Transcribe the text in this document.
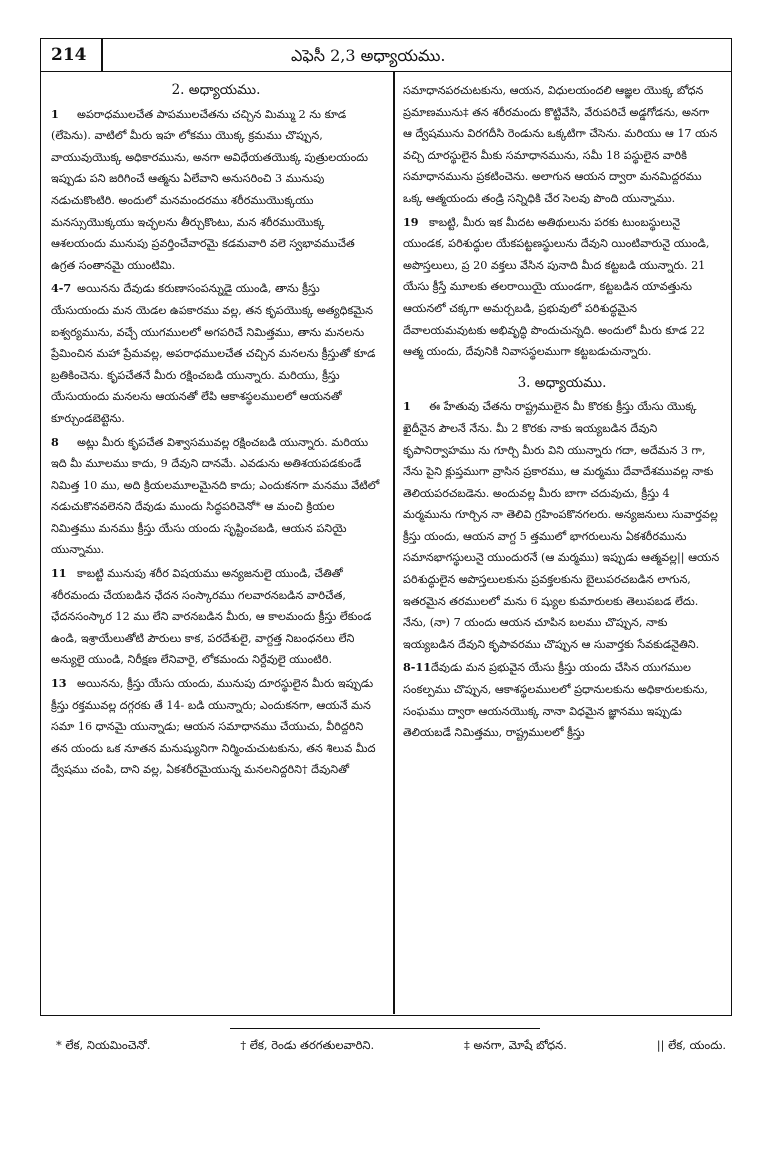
214	ఎఫెసీ 2,3 అధ్యాయము.
2. అధ్యాయము.
1 అపరాధములచేత పాపములచేతను చచ్చిన మిమ్ము 2 ను కూడ (లేపెను). వాటిలో మీరు ఇహ లోకము యొక్క క్రమము చొప్పున, వాయువుయొక్క అధికారమును, అనగా అవిధేయతయొక్క పుత్రులయందు ఇప్పుడు పని జరిగించే ఆత్మను ఏలేవాని అనుసరించి 3 మునుపు నడుచుకొంటిరి. అందులో మనమందరము శరీరముయొక్కయు మనస్సుయొక్కయు ఇచ్ఛలను తీర్చుకొంటు, మన శరీరముయొక్క ఆశలయందు మునుపు ప్రవర్తించేవారమై కడమవారి వలె స్వభావముచేత ఉగ్రత సంతానమై యుంటిమి.
4-7 అయినను దేవుడు కరుణాసంపన్నుడై యుండి, తాను క్రీస్తు యేసుయందు మన యెడల ఉపకారము వల్ల, తన కృపయొక్క అత్యధికమైన ఐశ్వర్యమును, వచ్చే యుగములలో అగపరిచే నిమిత్తము, తాను మనలను ప్రేమించిన మహా ప్రేమవల్ల, అపరాధములచేత చచ్చిన మనలను క్రీస్తుతో కూడ బ్రతికించెను. కృపచేతనే మీరు రక్షించబడి యున్నారు. మరియు, క్రీస్తు యేసుయందు మనలను ఆయనతో లేపి ఆకాశస్థలములలో ఆయనతో కూర్చుండబెట్టెను.
8 అట్లు మీరు కృపచేత విశ్వాసమువల్ల రక్షించబడి యున్నారు. మరియు ఇది మీ మూలము కాదు, 9 దేవుని దానమే. ఎవడును అతిశయపడకుండే నిమిత్త 10 ము, అది క్రియలమూలమైనది కాదు; ఎందుకనగా మనము వేటిలో నడుచుకొనవలెనని దేవుడు ముందు సిద్ధపరిచెనో* ఆ మంచి క్రియల నిమిత్తము మనము క్రీస్తు యేసు యందు సృష్టించబడి, ఆయన పనియై యున్నాము.
11 కాబట్టి మునుపు శరీర విషయము అన్యజనులై యుండి, చేతితో శరీరమందు చేయబడిన ఛేదన సంస్కారము గలవారనబడిన వారిచేత, ఛేదనసంస్కార 12 ము లేని వారనబడిన మీరు, ఆ కాలమందు క్రీస్తు లేకుండ ఉండి, ఇశ్రాయేలుతోటి పౌరులు కాక, పరదేశులై, వాగ్దత్త నిబంధనలు లేని అన్యులై యుండి, నిరీక్షణ లేనివారై, లోకమందు నిర్దేవులై యుంటిరి.
13 అయినను, క్రీస్తు యేసు యందు, మునుపు దూరస్థులైన మీరు ఇప్పుడు క్రీస్తు రక్తమువల్ల దగ్గరకు తే 14- బడి యున్నారు; ఎందుకనగా, ఆయనే మన సమా 16 ధానమై యున్నాడు; ఆయన సమాధానము చేయుచు, వీరిద్దరిని తన యందు ఒక నూతన మనుష్యునిగా నిర్మించుచుటకును, తన శిలువ మీద ద్వేషము చంపి, దాని వల్ల, ఏకశరీరమైయున్న మనలనిద్దరిని† దేవునితో
సమాధానపరచుటకును, ఆయన, విధులయందలి ఆజ్ఞల యొక్క బోధన ప్రమాణమును‡ తన శరీరమందు కొట్టివేసి, వేరుపరిచే అడ్డగోడను, అనగా ఆ ద్వేషమును విరగదీసి రెండును ఒక్కటిగా చేసెను. మరియు ఆ 17 యన వచ్చి దూరస్థులైన మీకు సమాధానమును, సమీ 18 పస్థులైన వారికి సమాధానమును ప్రకటించెను. అలాగున ఆయన ద్వారా మనమిద్దరము ఒక్క ఆత్మయందు తండ్రి సన్నిధికి చేర సెలవు పొంది యున్నాము.
19 కాబట్టి, మీరు ఇక మీదట అతిథులును పరకు టుంబస్థులునై యుండక, పరిశుద్ధుల యేకపట్టణస్థులును దేవుని యింటివారునై యుండి, అపొస్తలులు, ప్ర 20 వక్తలు వేసిన పునాది మీద కట్టబడి యున్నారు. 21 యేసు క్రీస్తే మూలకు తలరాయియై యుండగా, కట్టబడిన యావత్తును ఆయనలో చక్కగా అమర్చబడి, ప్రభువులో పరిశుద్ధమైన దేవాలయమవుటకు అభివృద్ధి పొందుచున్నది. అందులో మీరు కూడ 22 ఆత్మ యందు, దేవునికి నివాసస్థలముగా కట్టబడుచున్నారు.
3. అధ్యాయము.
1 ఈ హేతువు చేతను రాష్ట్రములైన మీ కొరకు క్రీస్తు యేసు యొక్క ఖైదీనైన పౌలనే నేను. మీ 2 కొరకు నాకు ఇయ్యబడిన దేవుని కృపానిర్వాహము ను గూర్చి మీరు విని యున్నారు గదా, అదేమన 3 గా, నేను పైని క్లుప్తముగా వ్రాసిన ప్రకారము, ఆ మర్మము దేవాదేశమువల్ల నాకు తెలియపరచబడెను. అందువల్ల మీరు బాగా చదువుచు, క్రీస్తు 4 మర్మమును గూర్చిన నా తెలివి గ్రహింపకొనగలరు. అన్యజనులు సువార్తవల్ల క్రీస్తు యందు, ఆయన వాగ్ద 5 త్తములో భాగరులును ఏకశరీరమును సమానభాగస్థులునై యుందురనే (ఆ మర్మము) ఇప్పుడు ఆత్మవల్ల|| ఆయన పరిశుద్ధులైన అపొస్తలులకును ప్రవక్తలకును బైలుపరచబడిన లాగున, ఇతరమైన తరములలో మను 6 ష్యుల కుమారులకు తెలుపబడ లేదు. నేను, (నా) 7 యందు ఆయన చూపిన బలము చొప్పున, నాకు ఇయ్యబడిన దేవుని కృపావరము చొప్పున ఆ సువార్తకు సేవకుడనైతిని.
8-11దేవుడు మన ప్రభువైన యేసు క్రీస్తు యందు చేసిన యుగముల సంకల్పము చొప్పున, ఆకాశస్థలములలో ప్రధానులకును అధికారులకును, సంఘము ద్వారా ఆయనయొక్క నానా విధమైన జ్ఞానము ఇప్పుడు తెలియబడే నిమిత్తము, రాష్ట్రములలో క్రీస్తు
* లేక, నియమించెనో.	† లేక, రెండు తరగతులవారిని.	‡ అనగా, మోషే బోధన.	|| లేక, యందు.
